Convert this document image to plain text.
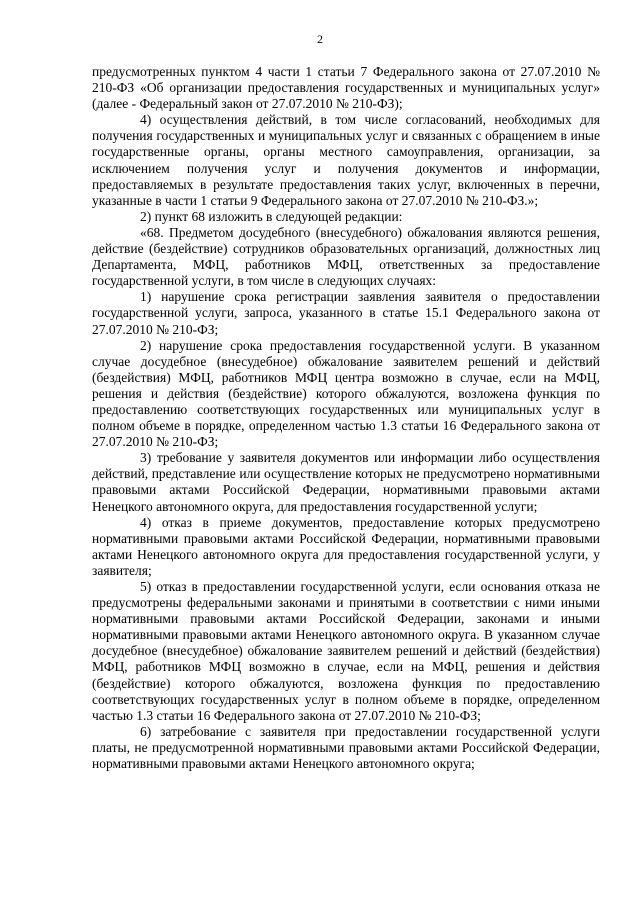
2

предусмотренных пунктом 4 части 1 статьи 7 Федерального закона от 27.07.2010 № 210-ФЗ «Об организации предоставления государственных и муниципальных услуг» (далее - Федеральный закон от 27.07.2010 № 210-ФЗ);

4) осуществления действий, в том числе согласований, необходимых для получения государственных и муниципальных услуг и связанных с обращением в иные государственные органы, органы местного самоуправления, организации, за исключением получения услуг и получения документов и информации, предоставляемых в результате предоставления таких услуг, включенных в перечни, указанные в части 1 статьи 9 Федерального закона от 27.07.2010 № 210-ФЗ.»;

2) пункт 68 изложить в следующей редакции:

«68. Предметом досудебного (внесудебного) обжалования являются решения, действие (бездействие) сотрудников образовательных организаций, должностных лиц Департамента, МФЦ, работников МФЦ, ответственных за предоставление государственной услуги, в том числе в следующих случаях:

1) нарушение срока регистрации заявления заявителя о предоставлении государственной услуги, запроса, указанного в статье 15.1 Федерального закона от 27.07.2010 № 210-ФЗ;

2) нарушение срока предоставления государственной услуги. В указанном случае досудебное (внесудебное) обжалование заявителем решений и действий (бездействия) МФЦ, работников МФЦ центра возможно в случае, если на МФЦ, решения и действия (бездействие) которого обжалуются, возложена функция по предоставлению соответствующих государственных или муниципальных услуг в полном объеме в порядке, определенном частью 1.3 статьи 16 Федерального закона от 27.07.2010 № 210-ФЗ;

3) требование у заявителя документов или информации либо осуществления действий, представление или осуществление которых не предусмотрено нормативными правовыми актами Российской Федерации, нормативными правовыми актами Ненецкого автономного округа, для предоставления государственной услуги;

4) отказ в приеме документов, предоставление которых предусмотрено нормативными правовыми актами Российской Федерации, нормативными правовыми актами Ненецкого автономного округа для предоставления государственной услуги, у заявителя;

5) отказ в предоставлении государственной услуги, если основания отказа не предусмотрены федеральными законами и принятыми в соответствии с ними иными нормативными правовыми актами Российской Федерации, законами и иными нормативными правовыми актами Ненецкого автономного округа. В указанном случае досудебное (внесудебное) обжалование заявителем решений и действий (бездействия) МФЦ, работников МФЦ возможно в случае, если на МФЦ, решения и действия (бездействие) которого обжалуются, возложена функция по предоставлению соответствующих государственных услуг в полном объеме в порядке, определенном частью 1.3 статьи 16 Федерального закона от 27.07.2010 № 210-ФЗ;

6) затребование с заявителя при предоставлении государственной услуги платы, не предусмотренной нормативными правовыми актами Российской Федерации, нормативными правовыми актами Ненецкого автономного округа;
